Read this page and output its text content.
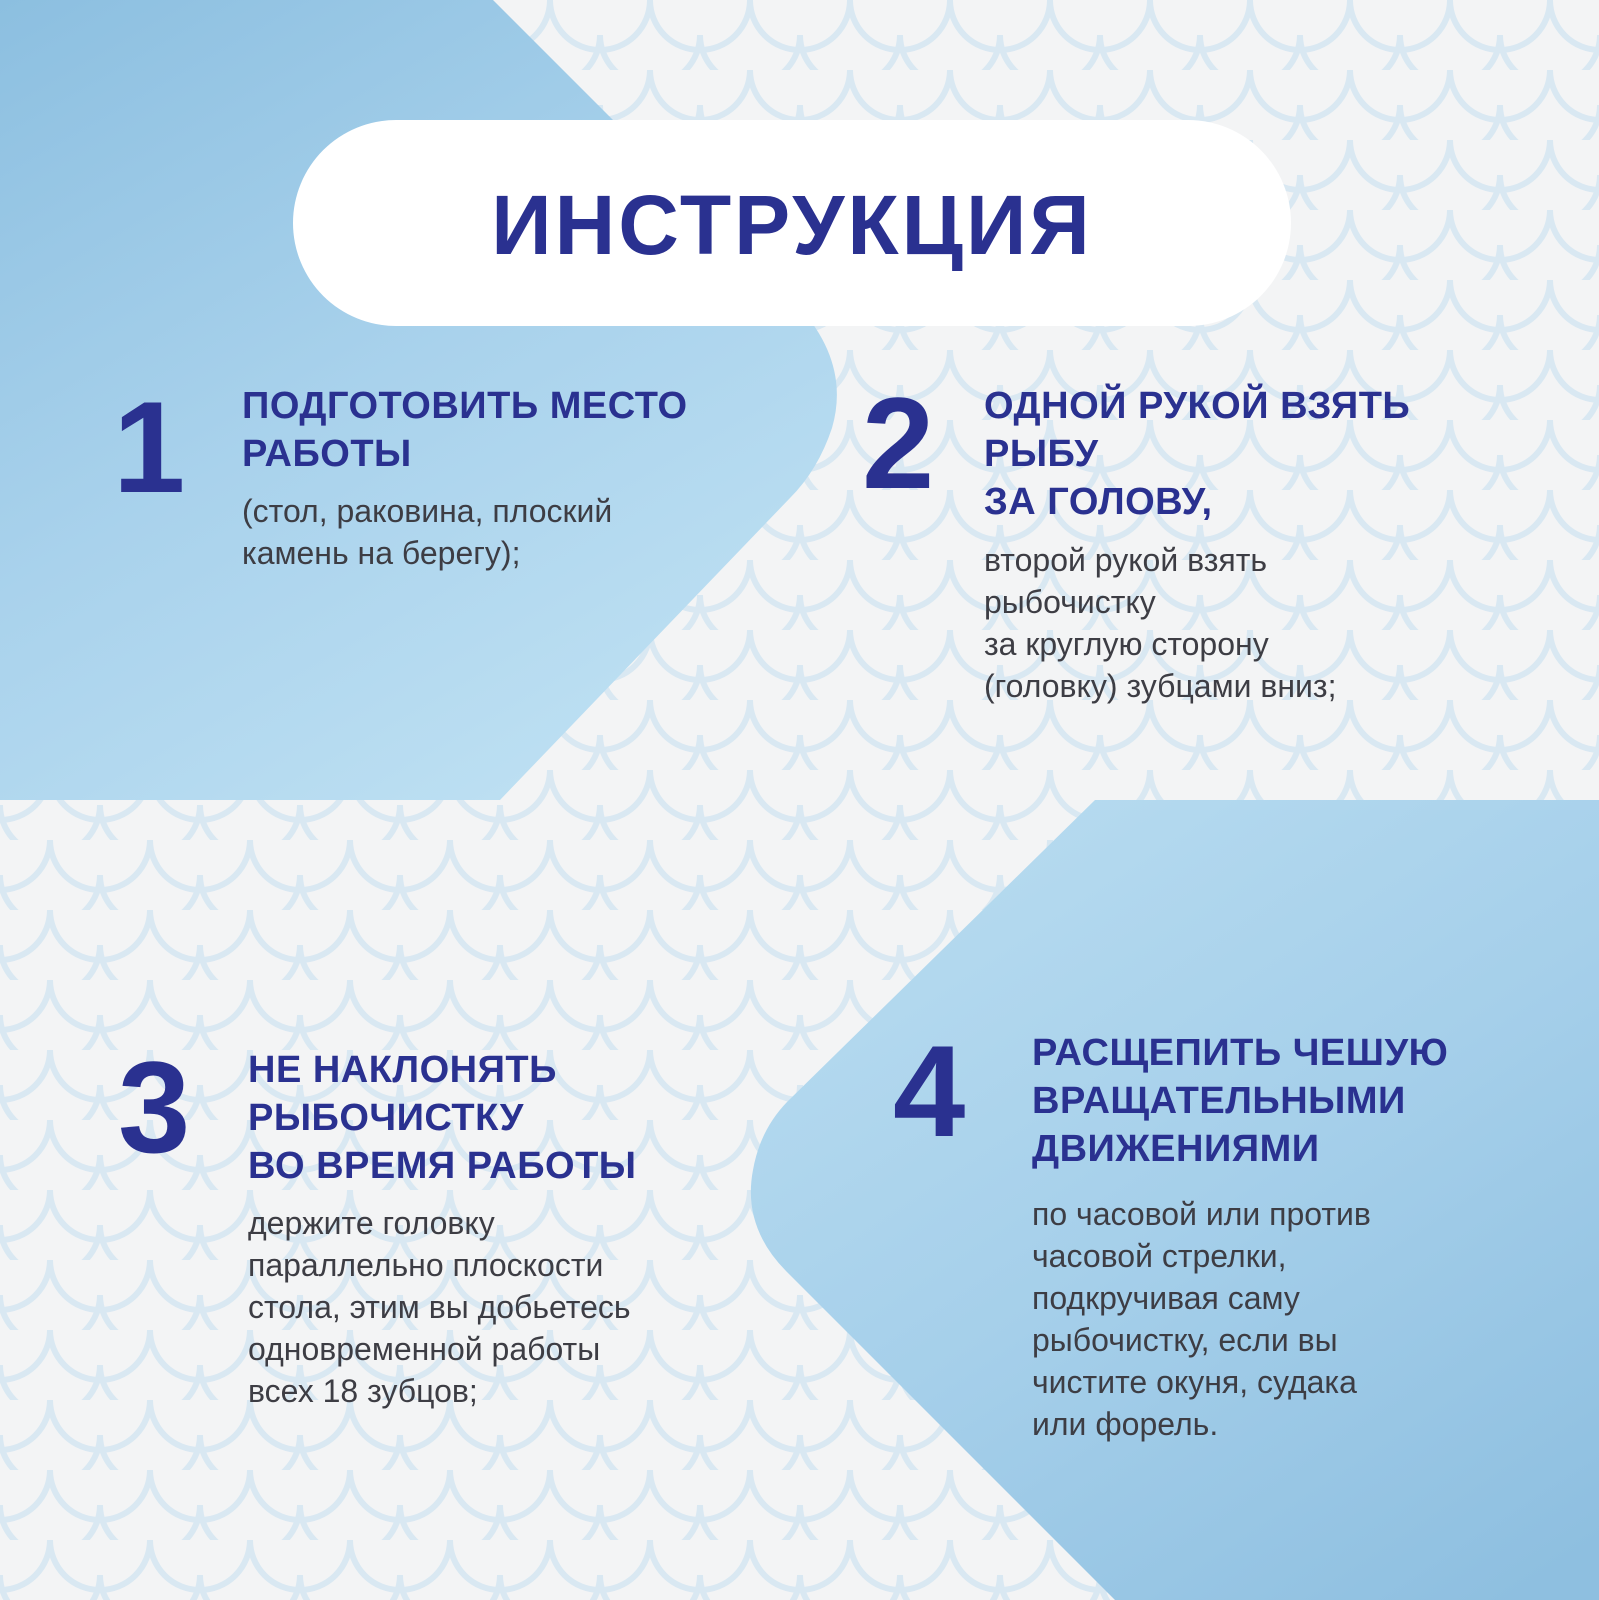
ИНСТРУКЦИЯ
1 ПОДГОТОВИТЬ МЕСТО
РАБОТЫ
(стол, раковина, плоский
камень на берегу);
2 ОДНОЙ РУКОЙ ВЗЯТЬ
РЫБУ
ЗА ГОЛОВУ,
второй рукой взять
рыбочистку
за круглую сторону
(головку) зубцами вниз;
3 НЕ НАКЛОНЯТЬ
РЫБОЧИСТКУ
ВО ВРЕМЯ РАБОТЫ
держите головку
параллельно плоскости
стола, этим вы добьетесь
одновременной работы
всех 18 зубцов;
4 РАСЩЕПИТЬ ЧЕШУЮ
ВРАЩАТЕЛЬНЫМИ
ДВИЖЕНИЯМИ
по часовой или против
часовой стрелки,
подкручивая саму
рыбочистку, если вы
чистите окуня, судака
или форель.
